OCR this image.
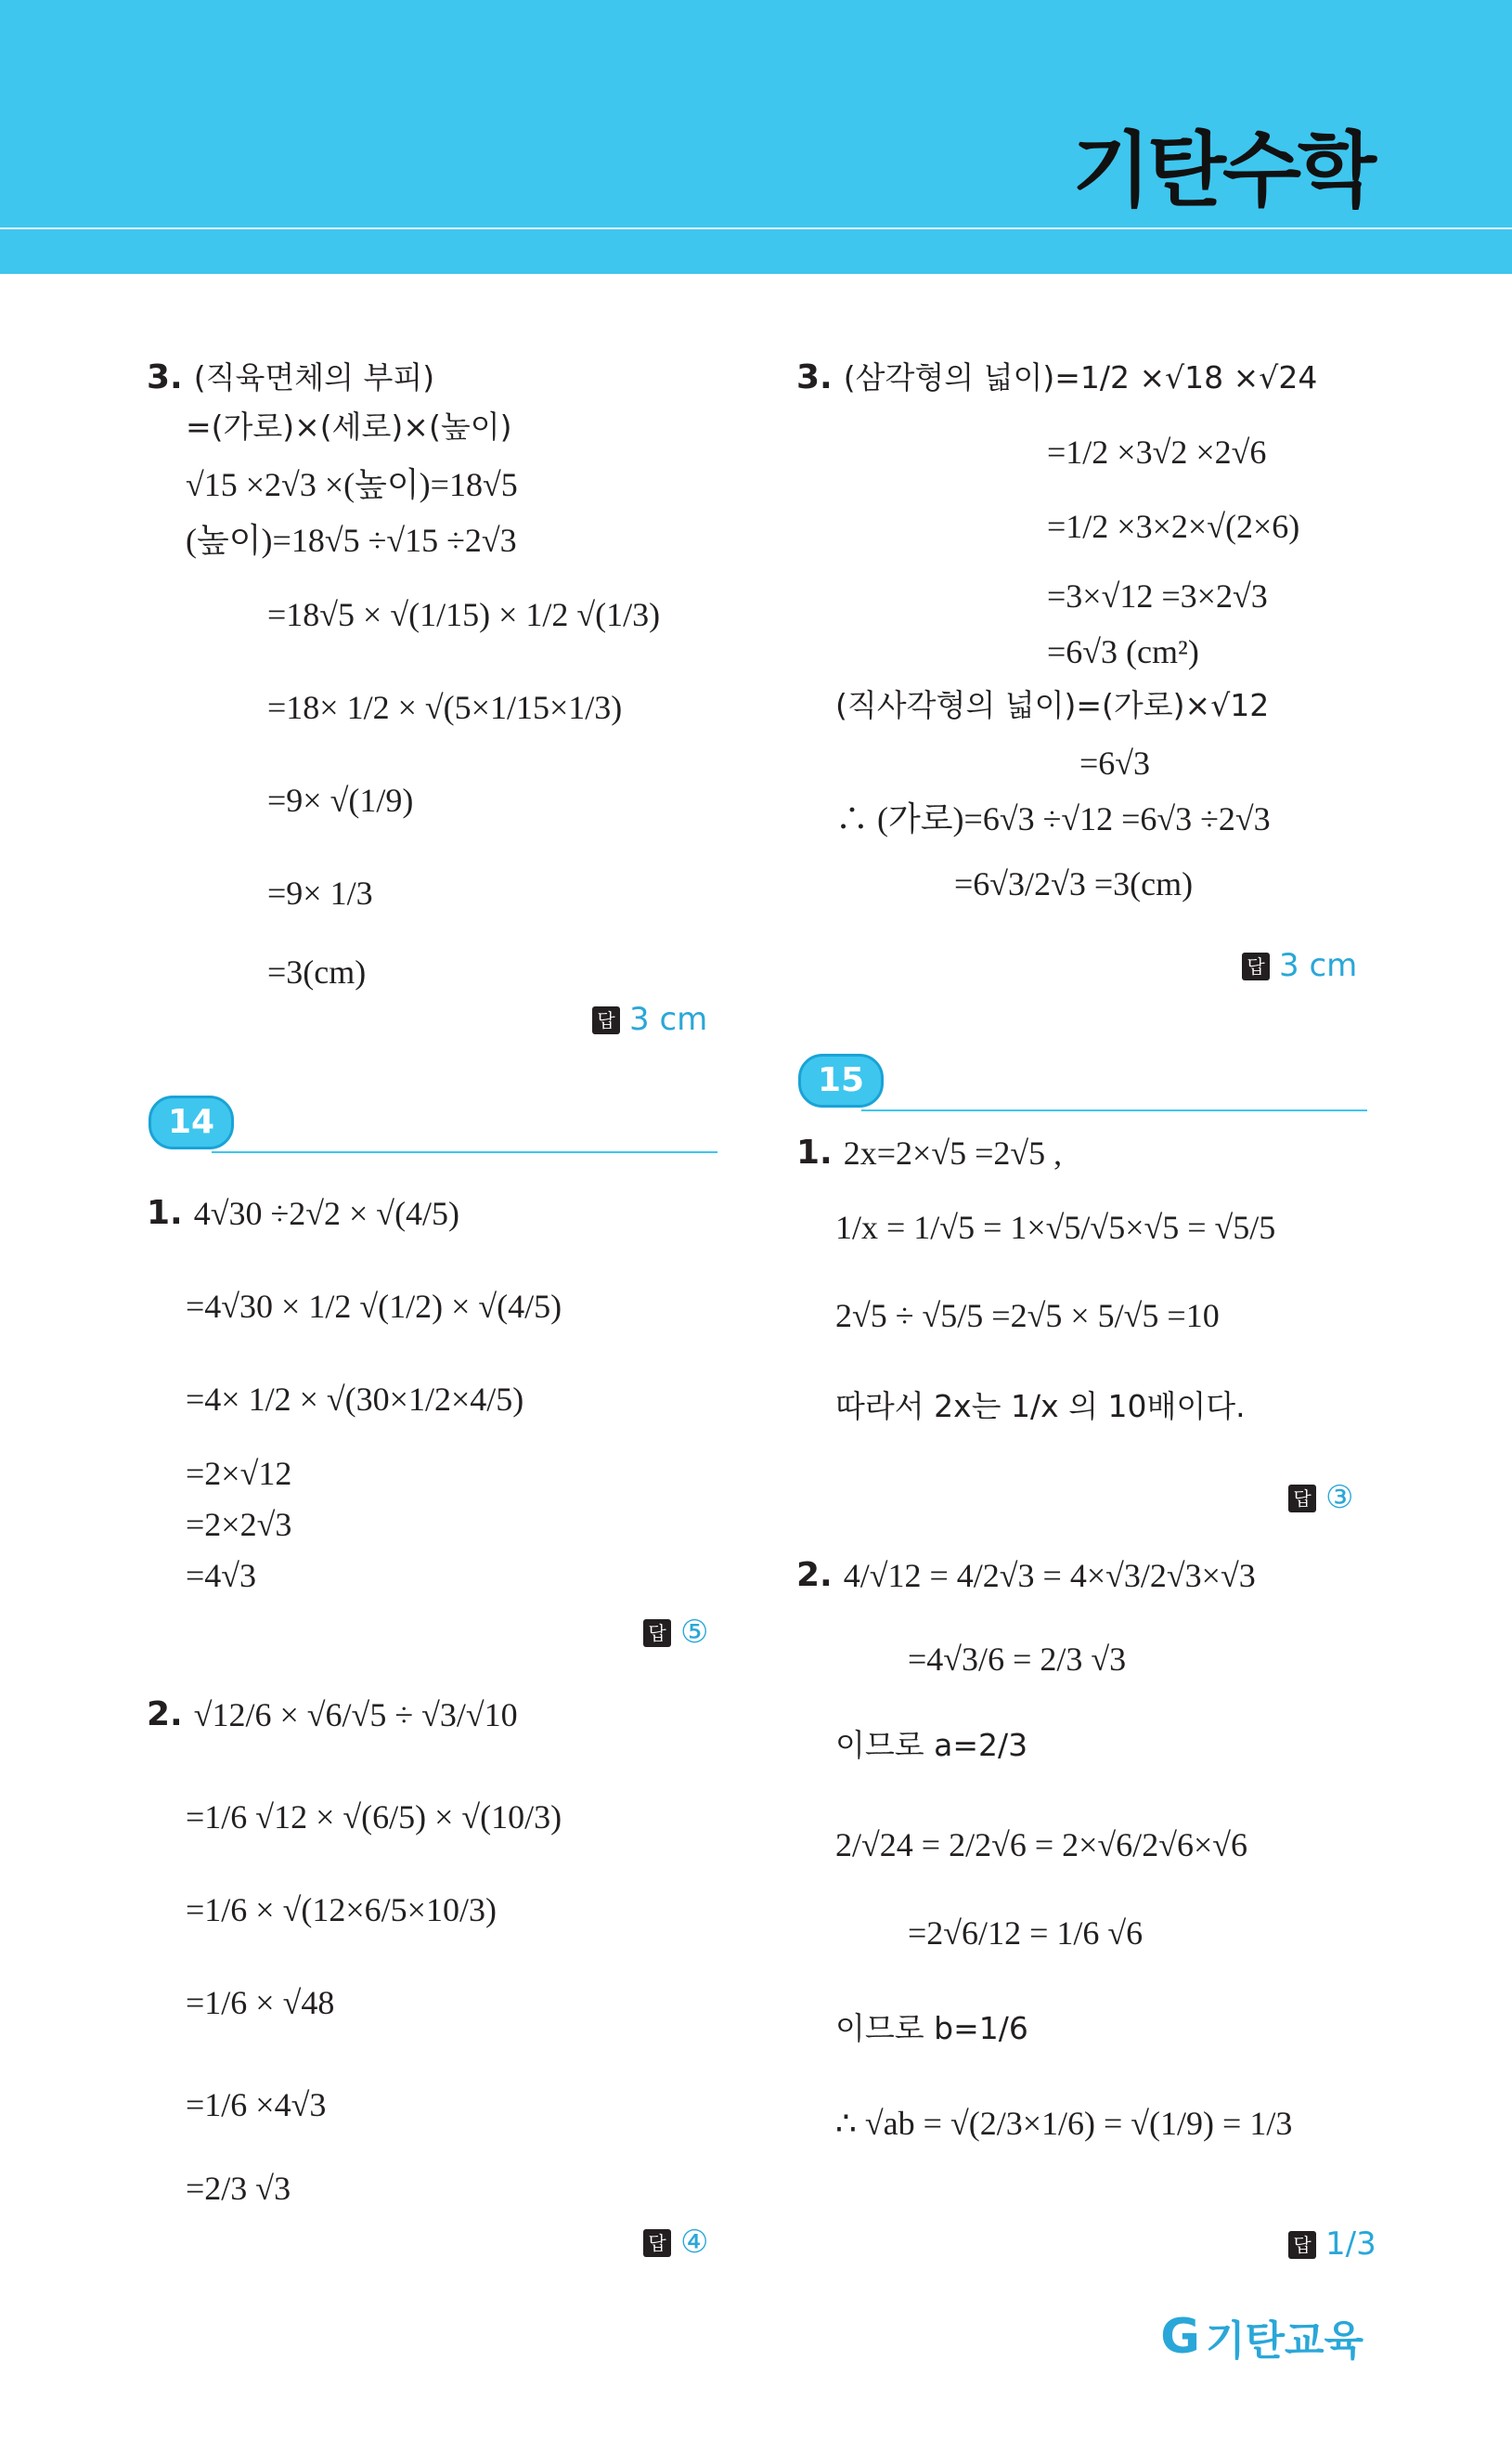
기탄수학
3. (직육면체의 부피)
=(가로)×(세로)×(높이)
√15 ×2√3 ×(높이)=18√5
(높이)=18√5 ÷√15 ÷2√3
=18√5 × √(1/15) × 1/2 √(1/3)
=18× 1/2 × √(5×1/15×1/3)
=9× √(1/9)
=9× 1/3
=3(cm)
답 3 cm
14
1. 4√30 ÷2√2 × √(4/5)
=4√30 × 1/2 √(1/2) × √(4/5)
=4× 1/2 × √(30×1/2×4/5)
=2×√12
=2×2√3
=4√3
답 ⑤
2. √12/6 × √6/√5 ÷ √3/√10
=1/6 √12 × √(6/5) × √(10/3)
=1/6 × √(12×6/5×10/3)
=1/6 × √48
=1/6 ×4√3
=2/3 √3
답 ④
3. (삼각형의 넓이)=1/2 ×√18 ×√24
=1/2 ×3√2 ×2√6
=1/2 ×3×2×√(2×6)
=3×√12 =3×2√3
=6√3 (cm²)
(직사각형의 넓이)=(가로)×√12
=6√3
∴ (가로)=6√3 ÷√12 =6√3 ÷2√3
=6√3/2√3 =3(cm)
답 3 cm
15
1. 2x=2×√5 =2√5 ,
1/x = 1/√5 = 1×√5/√5×√5 = √5/5
2√5 ÷ √5/5 =2√5 × 5/√5 =10
따라서 2x는 1/x 의 10배이다.
답 ③
2. 4/√12 = 4/2√3 = 4×√3/2√3×√3
=4√3/6 = 2/3 √3
이므로 a=2/3
2/√24 = 2/2√6 = 2×√6/2√6×√6
=2√6/12 = 1/6 √6
이므로 b=1/6
∴ √ab = √(2/3×1/6) = √(1/9) = 1/3
답 1/3
G 기탄교육
